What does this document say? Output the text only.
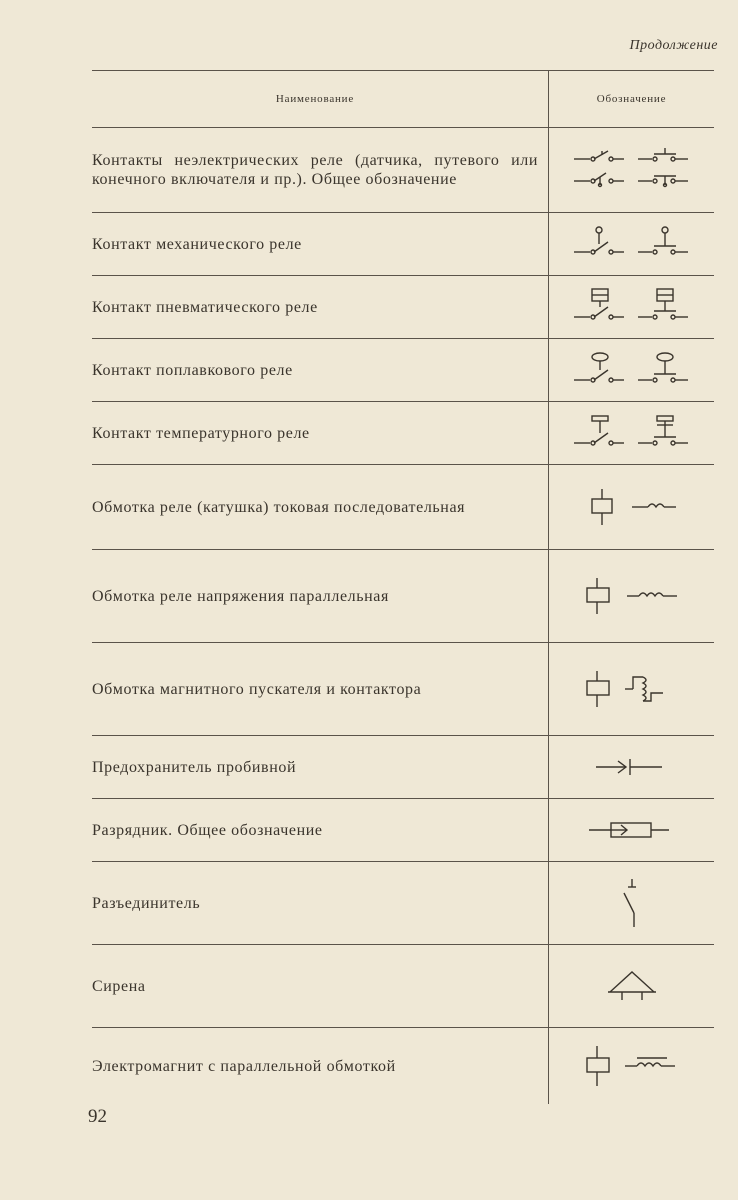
Продолжение
Наименование	Обозначение
Контакты неэлектрических реле (датчика, путевого или конечного включателя и пр.). Общее обозначение
Контакт механического реле
Контакт пневматического реле
Контакт поплавкового реле
Контакт температурного реле
Обмотка реле (катушка) токовая последовательная
Обмотка реле напряжения параллельная
Обмотка магнитного пускателя и контактора
Предохранитель пробивной
Разрядник. Общее обозначение
Разъединитель
Сирена
Электромагнит с параллельной обмоткой
92
